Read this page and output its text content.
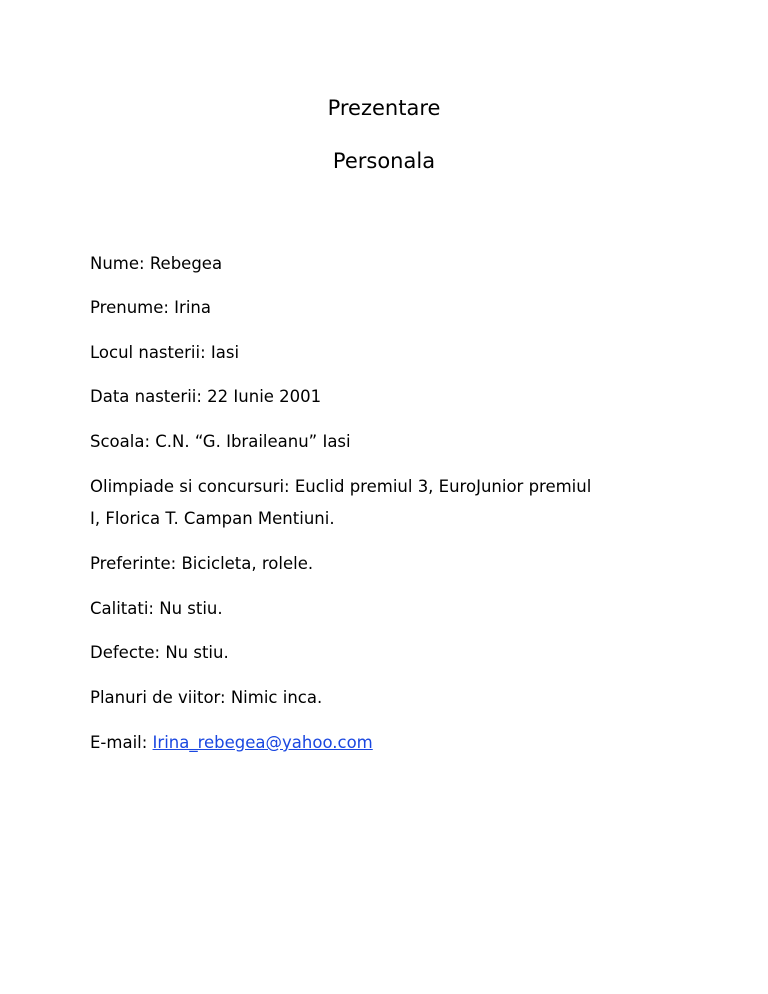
Prezentare
Personala

Nume: Rebegea

Prenume: Irina

Locul nasterii: Iasi

Data nasterii: 22 Iunie 2001

Scoala: C.N. “G. Ibraileanu” Iasi

Olimpiade si concursuri: Euclid premiul 3, EuroJunior premiul

I, Florica T. Campan Mentiuni.

Preferinte: Bicicleta, rolele.

Calitati: Nu stiu.

Defecte: Nu stiu.

Planuri de viitor: Nimic inca.

E-mail: Irina_rebegea@yahoo.com
